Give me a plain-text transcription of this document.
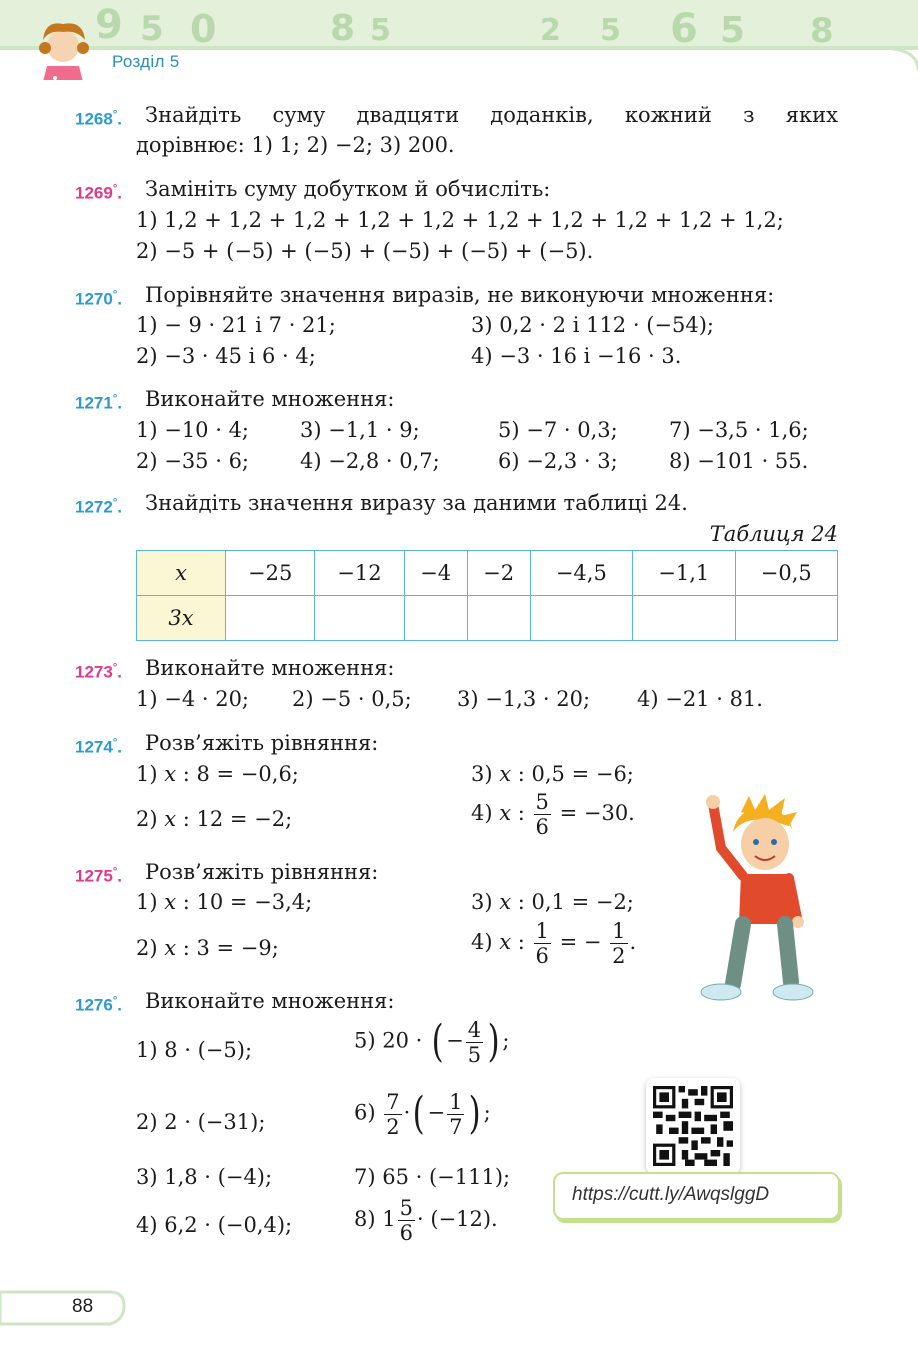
9 5 0	8 5	2 5 6 5 8
Розділ 5
1268°. Знайдіть суму двадцяти доданків, кожний з яких
дорівнює: 1) 1; 2) −2; 3) 200.
1269°. Замініть суму добутком й обчисліть:
1) 1,2 + 1,2 + 1,2 + 1,2 + 1,2 + 1,2 + 1,2 + 1,2 + 1,2 + 1,2;
2) −5 + (−5) + (−5) + (−5) + (−5) + (−5).
1270°. Порівняйте значення виразів, не виконуючи множення:
1) − 9 · 21 і 7 · 21;	3) 0,2 · 2 і 112 · (−54);
2) −3 · 45 і 6 · 4;	4) −3 · 16 і −16 · 3.
1271°. Виконайте множення:
1) −10 · 4; 3) −1,1 · 9;	5) −7 · 0,3; 7) −3,5 · 1,6;
2) −35 · 6; 4) −2,8 · 0,7;	6) −2,3 · 3; 8) −101 · 55.
1272°. Знайдіть значення виразу за даними таблиці 24.
Таблиця 24
x	−25	−12	−4	−2	−4,5	−1,1	−0,5
3x							
1273°. Виконайте множення:
1) −4 · 20; 2) −5 · 0,5; 3) −1,3 · 20; 4) −21 · 81.
1274°. Розв’яжіть рівняння:
1) x : 8 = −0,6;	3) x : 0,5 = −6;
2) x : 12 = −2;	4) x : $\frac{5}{6} = -30$.
1275°. Розв’яжіть рівняння:
1) x : 10 = −3,4;	3) x : 0,1 = −2;
2) x : 3 = −9;	4) x : $\frac{1}{6}$ = − $\frac{1}{2}$ .
1276°. Виконайте множення:
1) 8 · (−5);	5) 20 · ( − $\frac{4}{5}$ ) ;
2) 2 · (−31);	$6) \frac{7}{2}$ ·( − $\frac{1}{7}$ ) ;
3) 1,8 · (−4);	7) 65 · (−111);
4) 6,2 · (−0,4);	8) $1 \frac{5}{6} \cdot (-12)$.
https://cutt.ly/AwqslggD
88
